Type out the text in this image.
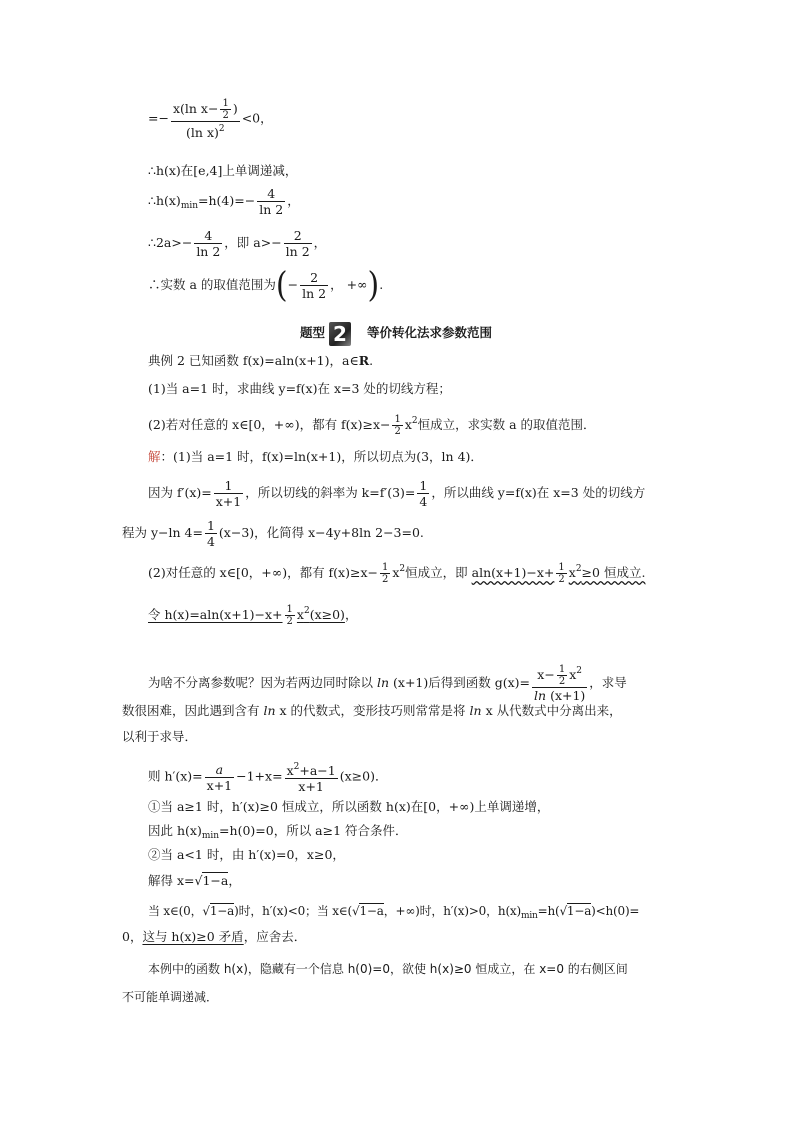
=− $\frac{x(\ln x- \frac{1}{2} )}{(\ln x)^2} <0$，
∴h(x)在[e,4]上单调递减，
$\therefore h(x)_{min}=h(4)=- \frac{4}{\ln 2}$ ，
∴2a>− $\frac{4}{\ln 2}$ ，即 $a>- \frac{2}{\ln 2}$ ，
∴实数 a 的取值范围为(− $\frac{2}{\ln 2}$ ， +∞).
题型 2 等价转化法求参数范围
典例 2 已知函数 f(x)=aln(x+1)，a∈R.
(1)当 a=1 时，求曲线 y=f(x)在 x=3 处的切线方程；
(2)若对任意的 x∈[0，+∞)，都有 $f(x)\ge x- \frac{1}{2} x^2$恒成立，求实数 a 的取值范围．
解：(1)当 a=1 时，f(x)=ln(x+1)，所以切点为(3，ln 4)．
因为 $f'(x)= \frac{1}{x+1}$ ，所以切线的斜率为 $k=f'(3)= \frac{1}{4}$ ，所以曲线 y=f(x)在 x=3 处的切线方
程为 y−ln $4= \frac{1}{4} (x-3)$，化简得 x−4y+8ln 2−3=0.
(2)对任意的 x∈[0，+∞)，都有 $f(x)\ge x- \frac{1}{2} x^2$恒成立，即 $aln(x+1)-x+ \frac{1}{2} x^2\ge 0$ 恒成立.
令 $h(x)=aln(x+1)-x+ \frac{1}{2} x^2(x\ge 0)$，
为啥不分离参数呢？因为若两边同时除以 ln (x+1)后得到函数 $g(x)= \frac{x- \frac{1}{2} x^2}{\ln (x+1)}$ ，求导
数很困难，因此遇到含有 ln x 的代数式，变形技巧则常常是将 ln x 从代数式中分离出来，
以利于求导．
则 $h'(x)= \frac{a}{x+1} -1+x= \frac{x^2+a-1}{x+1} (x\ge 0)$．
①当 a≥1 时，h′(x)≥0 恒成立，所以函数 h(x)在[0，+∞)上单调递增，
因此 $h(x)_{min}=h(0)=0$，所以 a≥1 符合条件．
②当 a<1 时，由 h′(x)=0，x≥0，
解得 x=√1−a，
当 x∈(0，√1−a)时，h′(x)<0；当 x∈(√1−a，+∞)时，h′(x)>0，$h(x)_{min}=h(√1-a)<h(0)=$
0，这与 h(x)≥0 矛盾，应舍去．
本例中的函数 h(x)，隐藏有一个信息 h(0)=0，欲使 h(x)≥0 恒成立，在 x=0 的右侧区间
不可能单调递减．
